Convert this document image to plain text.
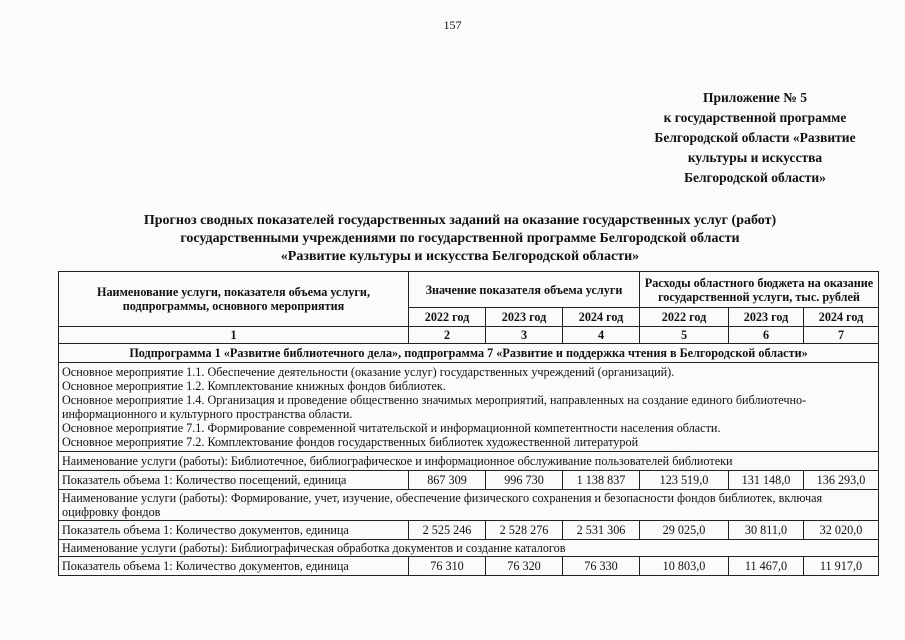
157
Приложение № 5
к государственной программе
Белгородской области «Развитие
культуры и искусства
Белгородской области»
Прогноз сводных показателей государственных заданий на оказание государственных услуг (работ)
государственными учреждениями по государственной программе Белгородской области
«Развитие культуры и искусства Белгородской области»
Наименование услуги, показателя объема услуги, подпрограммы, основного мероприятия	Значение показателя объема услуги			Расходы областного бюджета на оказание государственной услуги, тыс. рублей		
	2022 год	2023 год	2024 год	2022 год	2023 год	2024 год
1	2	3	4	5	6	7
Подпрограмма 1 «Развитие библиотечного дела», подпрограмма 7 «Развитие и поддержка чтения в Белгородской области»						

Основное мероприятие 1.1. Обеспечение деятельности (оказание услуг) государственных учреждений (организаций).
Основное мероприятие 1.2. Комплектование книжных фондов библиотек.
Основное мероприятие 1.4. Организация и проведение общественно значимых мероприятий, направленных на создание единого библиотечно-информационного и культурного пространства области.
Основное мероприятие 7.1. Формирование современной читательской и информационной компетентности населения области.
Основное мероприятие 7.2. Комплектование фондов государственных библиотек художественной литературой						

Наименование услуги (работы): Библиотечное, библиографическое и информационное обслуживание пользователей библиотеки						
Показатель объема 1: Количество посещений, единица	867 309	996 730	1 138 837	123 519,0	131 148,0	136 293,0
Наименование услуги (работы): Формирование, учет, изучение, обеспечение физического сохранения и безопасности фондов библиотек, включая оцифровку фондов						
Показатель объема 1: Количество документов, единица	2 525 246	2 528 276	2 531 306	29 025,0	30 811,0	32 020,0
Наименование услуги (работы): Библиографическая обработка документов и создание каталогов						
Показатель объема 1: Количество документов, единица	76 310	76 320	76 330	10 803,0	11 467,0	11 917,0
